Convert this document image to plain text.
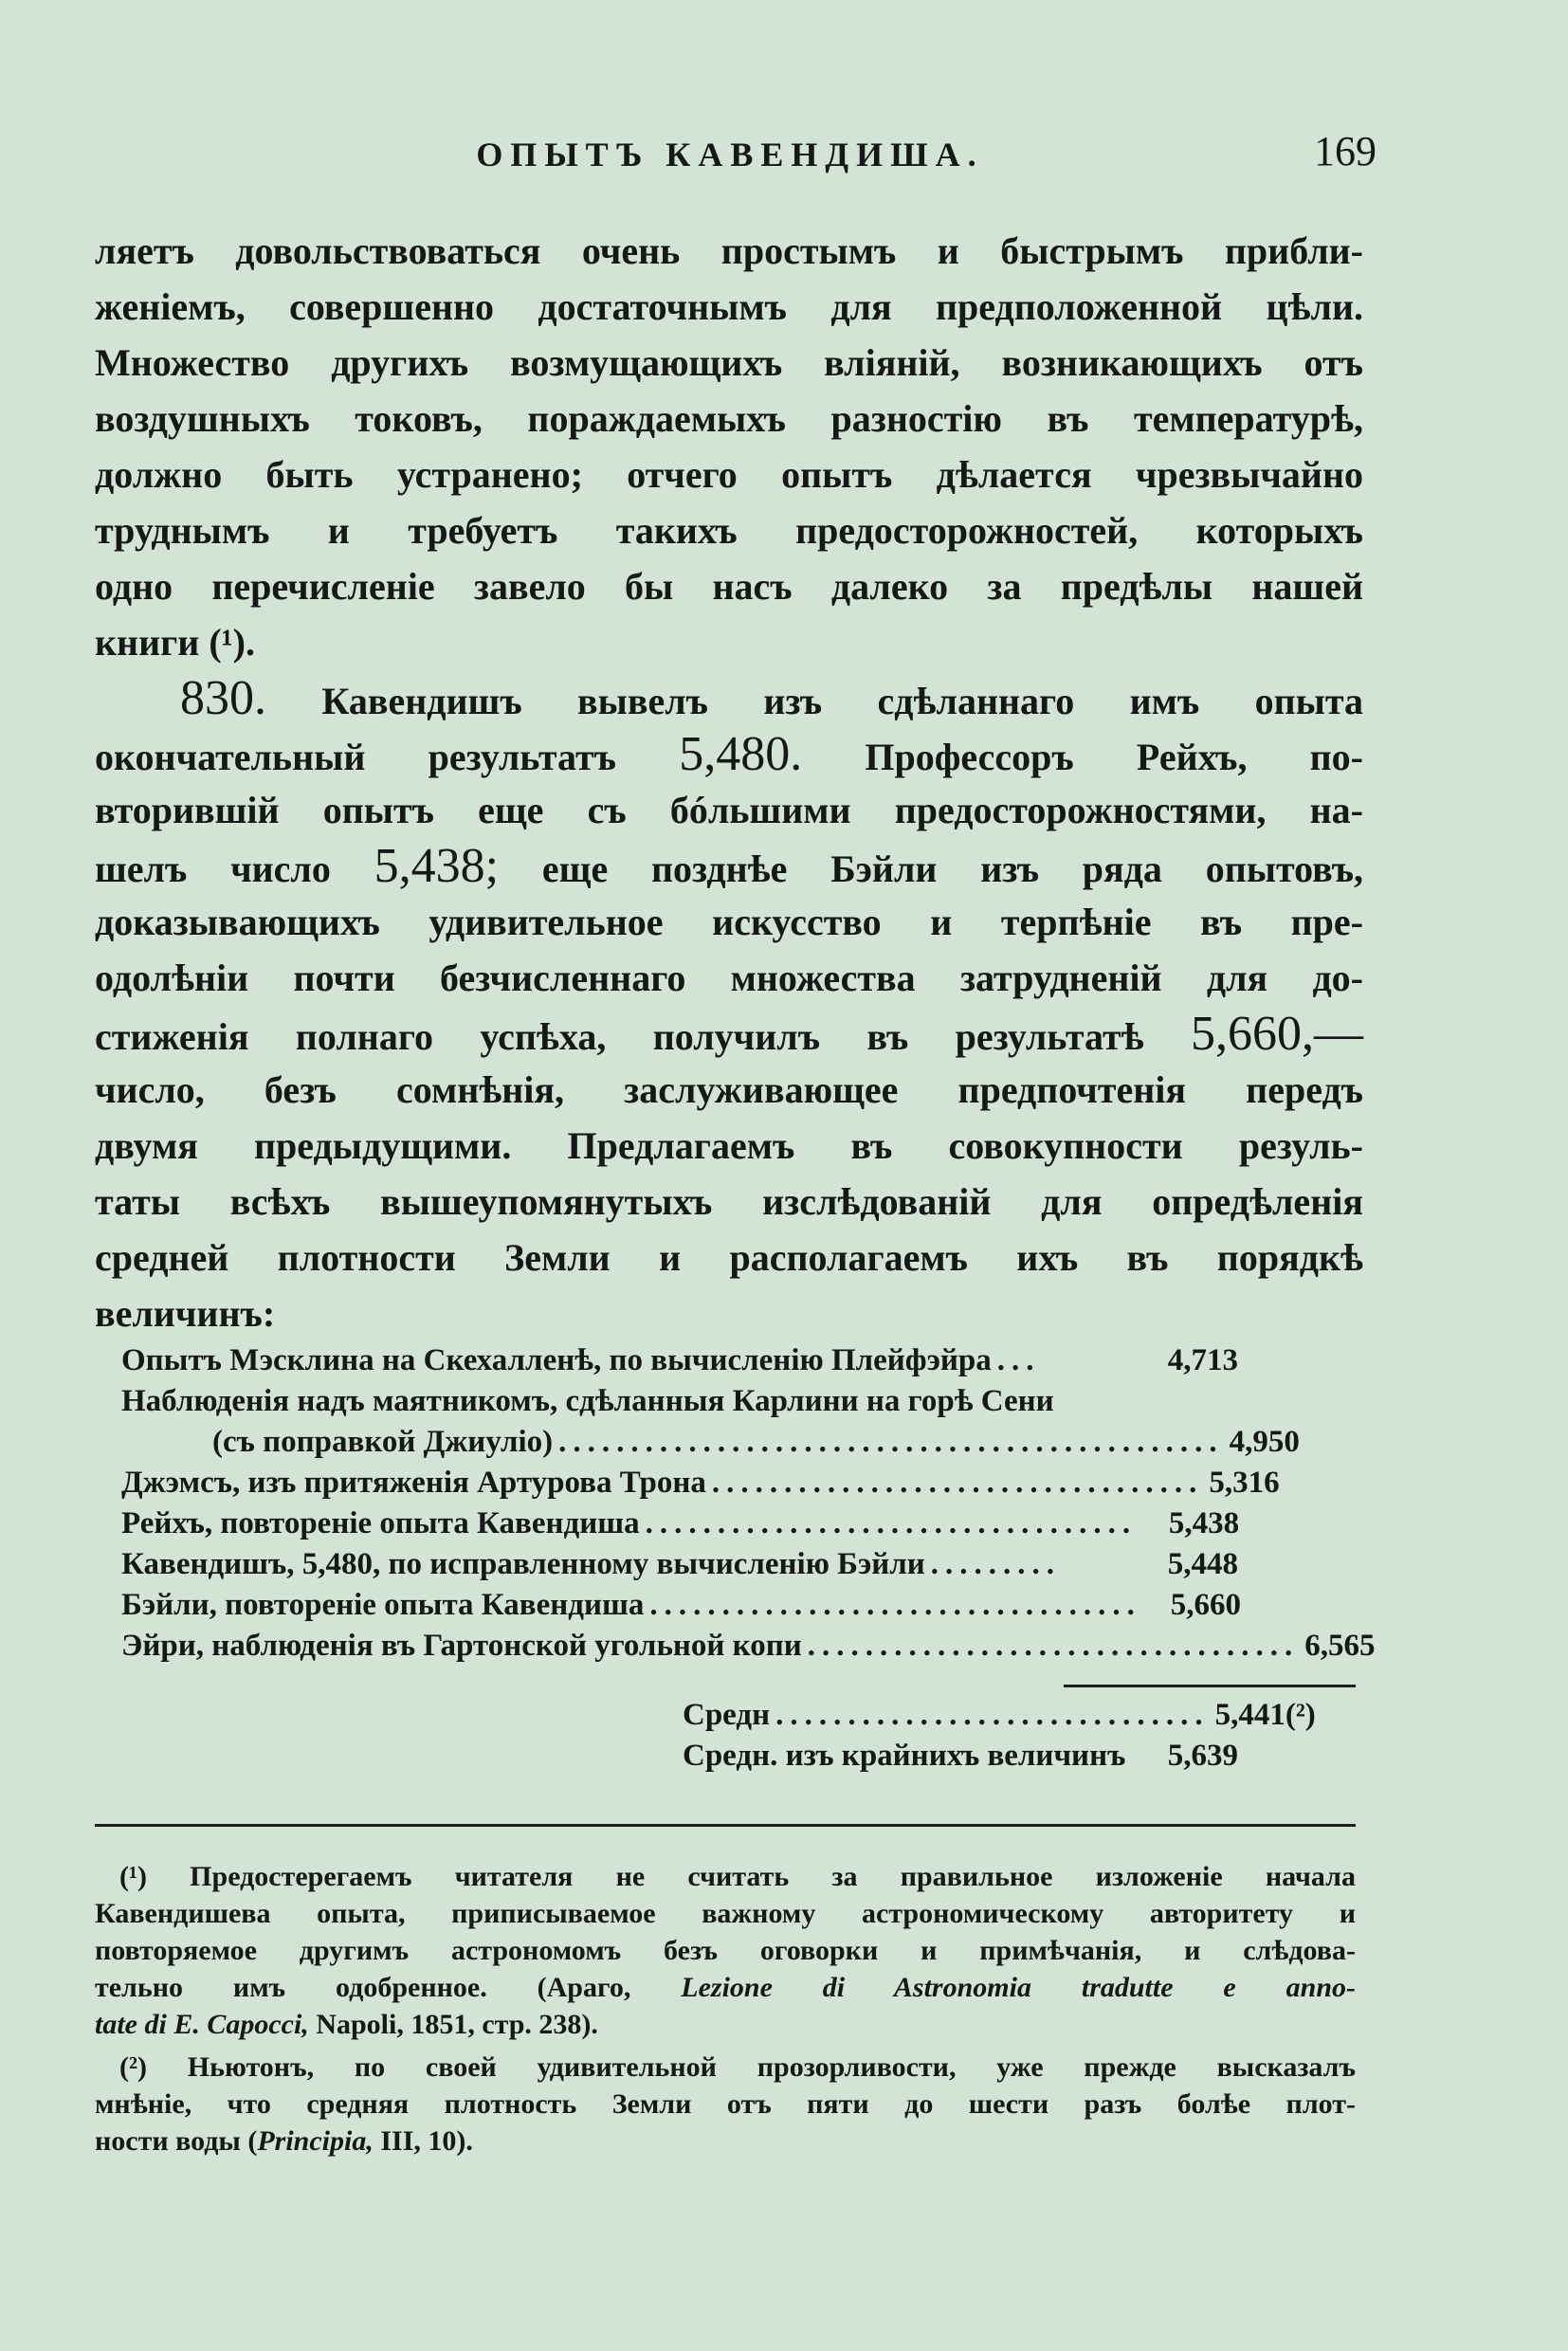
ОПЫТЪ КАВЕНДИША.	169
ляетъ довольствоваться очень простымъ и быстрымъ прибли-
женіемъ, совершенно достаточнымъ для предположенной цѣли.
Множество другихъ возмущающихъ вліяній, возникающихъ отъ
воздушныхъ токовъ, пораждаемыхъ разностію въ температурѣ,
должно быть устранено; отчего опытъ дѣлается чрезвычайно
труднымъ и требуетъ такихъ предосторожностей, которыхъ
одно перечисленіе завело бы насъ далеко за предѣлы нашей
книги (¹).
830. Кавендишъ вывелъ изъ сдѣланнаго имъ опыта
окончательный результатъ 5,480. Профессоръ Рейхъ, по-
вторившій опытъ еще съ бóльшими предосторожностями, на-
шелъ число 5,438; еще позднѣе Бэйли изъ ряда опытовъ,
доказывающихъ удивительное искусство и терпѣніе въ пре-
одолѣніи почти безчисленнаго множества затрудненій для до-
стиженія полнаго успѣха, получилъ въ результатѣ 5,660,—
число, безъ сомнѣнія, заслуживающее предпочтенія передъ
двумя предыдущими. Предлагаемъ въ совокупности резуль-
таты всѣхъ вышеупомянутыхъ изслѣдованій для опредѣленія
средней плотности Земли и располагаемъ ихъ въ порядкѣ
величинъ:
Опытъ Мэсклина на Скехалленѣ, по вычисленію Плейфэйра ...	4,713
Наблюденія надъ маятникомъ, сдѣланныя Карлини на горѣ Сени
(съ поправкой Джиуліо) .............................................. 4,950
Джэмсъ, изъ притяженія Артурова Трона .................................. 5,316
Рейхъ, повтореніе опыта Кавендиша ..................................	5,438
Кавендишъ, 5,480, по исправленному вычисленію Бэйли .........	5,448
Бэйли, повтореніе опыта Кавендиша .................................. 5,660
Эйри, наблюденія въ Гартонской угольной копи .................................. 6,565
Средн .............................. 5,441 (²)
Средн. изъ крайнихъ величинъ	5,639
(¹) Предостерегаемъ читателя не считать за правильное изложеніе начала
Кавендишева опыта, приписываемое важному астрономическому авторитету и
повторяемое другимъ астрономомъ безъ оговорки и примѣчанія, и слѣдова-
тельно имъ одобренное. (Араго, Lezione di Astronomia tradutte e anno-
tate di E. Capocci, Napoli, 1851, стр. 238).
(²) Ньютонъ, по своей удивительной прозорливости, уже прежде высказалъ
мнѣніе, что средняя плотность Земли отъ пяти до шести разъ болѣе плот-
ности воды (Principia, III, 10).
